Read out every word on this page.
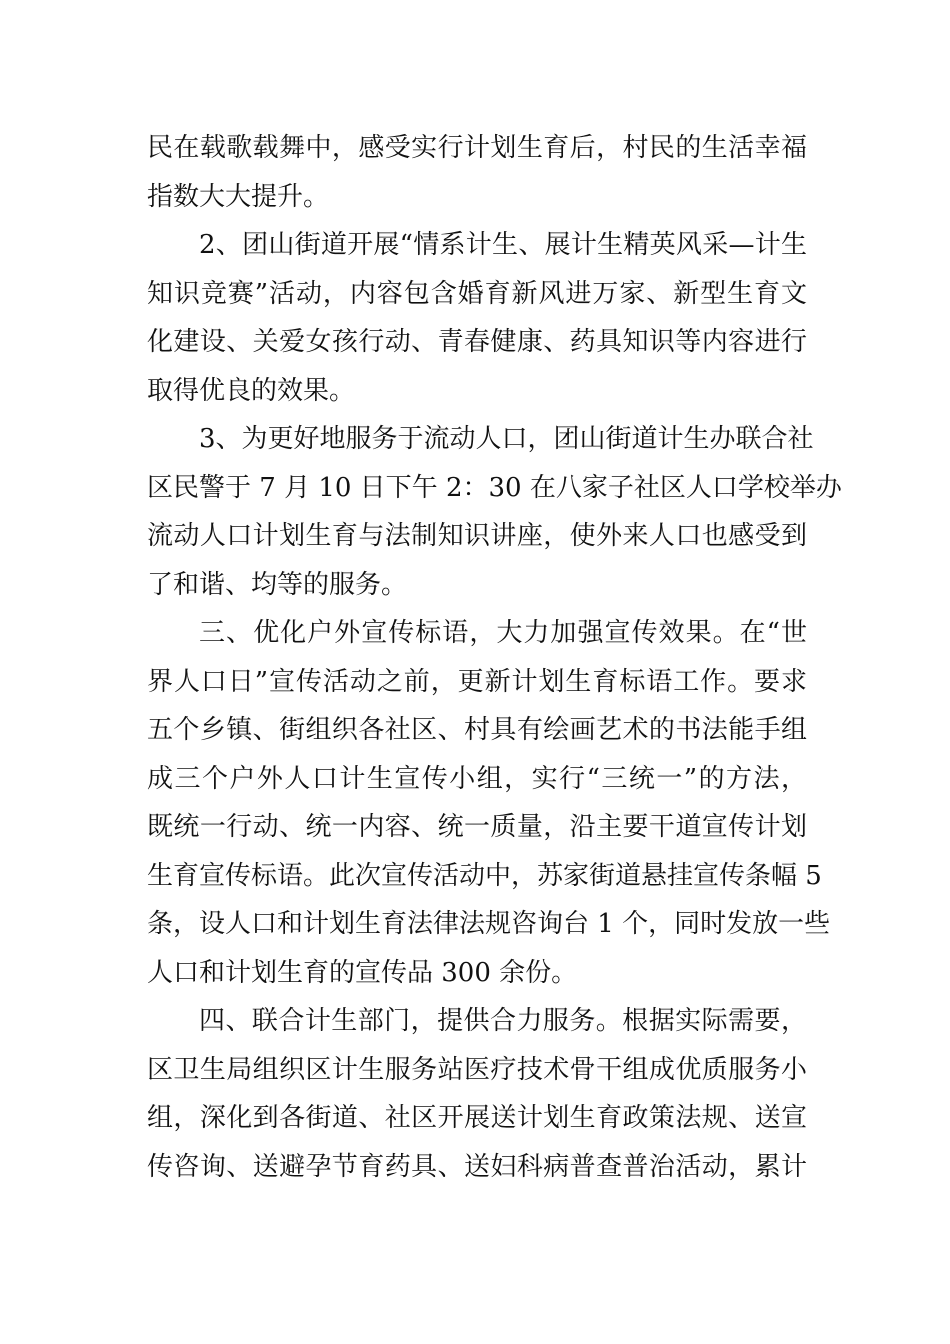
民在载歌载舞中，感受实行计划生育后，村民的生活幸福
指数大大提升。
2、团山街道开展“情系计生、展计生精英风采—计生
知识竞赛”活动，内容包含婚育新风进万家、新型生育文
化建设、关爱女孩行动、青春健康、药具知识等内容进行
取得优良的效果。
3、为更好地服务于流动人口，团山街道计生办联合社
区民警于 7 月 10 日下午 2：30 在八家子社区人口学校举办
流动人口计划生育与法制知识讲座，使外来人口也感受到
了和谐、均等的服务。
三、优化户外宣传标语，大力加强宣传效果。在“世
界人口日”宣传活动之前，更新计划生育标语工作。要求
五个乡镇、街组织各社区、村具有绘画艺术的书法能手组
成三个户外人口计生宣传小组，实行“三统一”的方法，
既统一行动、统一内容、统一质量，沿主要干道宣传计划
生育宣传标语。此次宣传活动中，苏家街道悬挂宣传条幅 5
条，设人口和计划生育法律法规咨询台 1 个，同时发放一些
人口和计划生育的宣传品 300 余份。
四、联合计生部门，提供合力服务。根据实际需要，
区卫生局组织区计生服务站医疗技术骨干组成优质服务小
组，深化到各街道、社区开展送计划生育政策法规、送宣
传咨询、送避孕节育药具、送妇科病普查普治活动，累计
